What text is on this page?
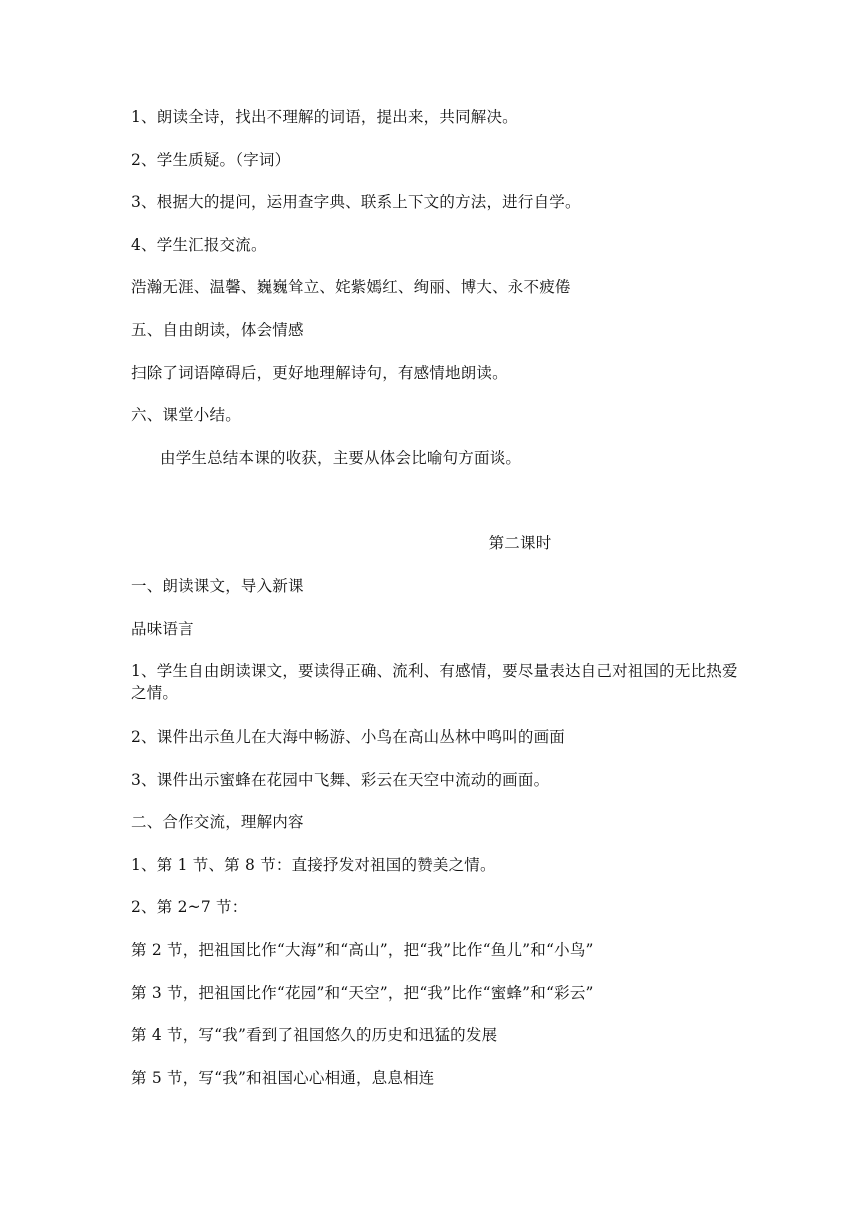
1、朗读全诗，找出不理解的词语，提出来，共同解决。
2、学生质疑。（字词）
3、根据大的提问，运用查字典、联系上下文的方法，进行自学。
4、学生汇报交流。
浩瀚无涯、温馨、巍巍耸立、姹紫嫣红、绚丽、博大、永不疲倦
五、自由朗读，体会情感
扫除了词语障碍后，更好地理解诗句，有感情地朗读。
六、课堂小结。
由学生总结本课的收获，主要从体会比喻句方面谈。
第二课时
一、朗读课文，导入新课
品味语言
1、学生自由朗读课文，要读得正确、流利、有感情，要尽量表达自己对祖国的无比热爱之情。
2、课件出示鱼儿在大海中畅游、小鸟在高山丛林中鸣叫的画面
3、课件出示蜜蜂在花园中飞舞、彩云在天空中流动的画面。
二、合作交流，理解内容
1、第 1 节、第 8 节：直接抒发对祖国的赞美之情。
2、第 2~7 节：
第 2 节，把祖国比作“大海”和“高山”，把“我”比作“鱼儿”和“小鸟”
第 3 节，把祖国比作“花园”和“天空”，把“我”比作“蜜蜂”和“彩云”
第 4 节，写“我”看到了祖国悠久的历史和迅猛的发展
第 5 节，写“我”和祖国心心相通，息息相连
